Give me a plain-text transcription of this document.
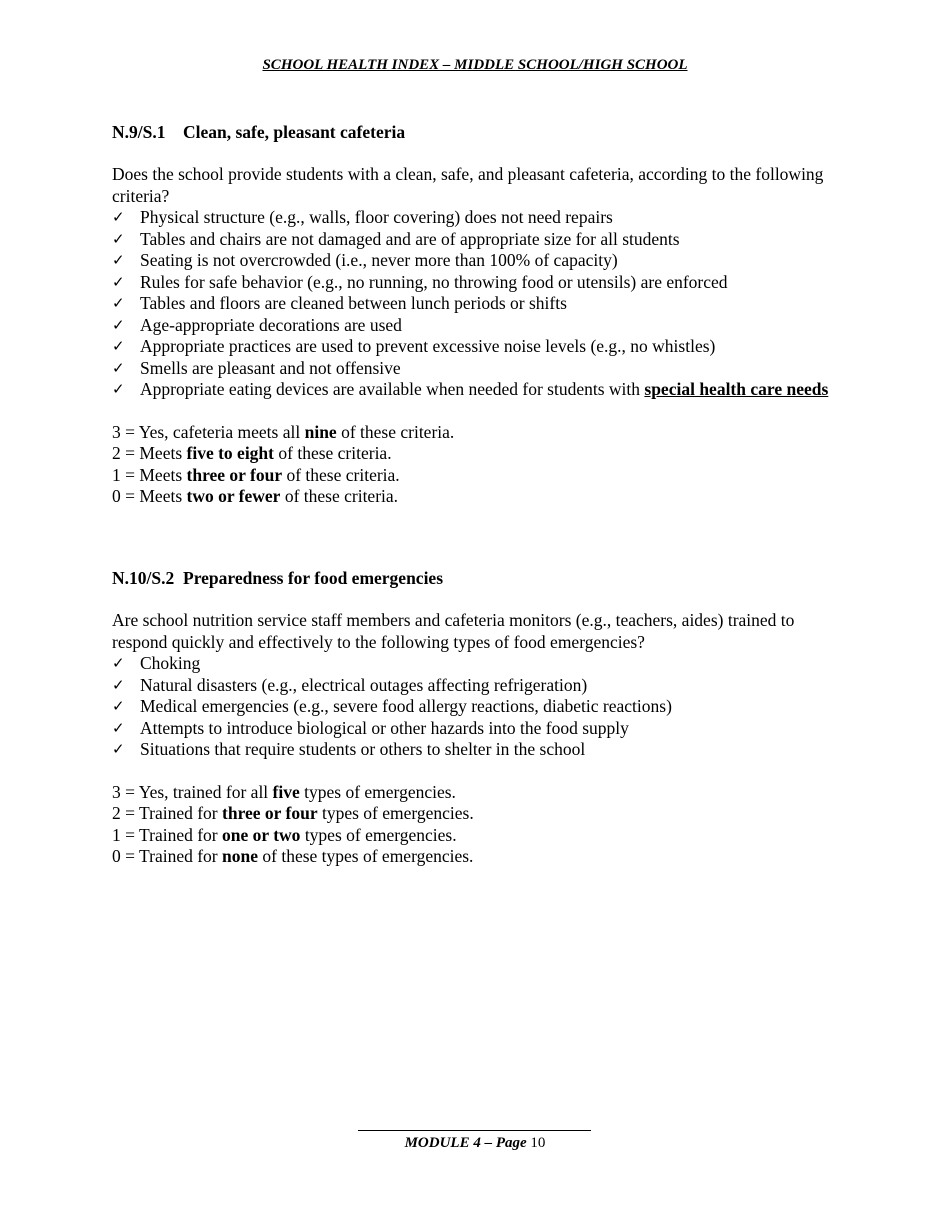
SCHOOL HEALTH INDEX – MIDDLE SCHOOL/HIGH SCHOOL

N.9/S.1 Clean, safe, pleasant cafeteria

Does the school provide students with a clean, safe, and pleasant cafeteria, according to the following criteria?

✓ Physical structure (e.g., walls, floor covering) does not need repairs
✓ Tables and chairs are not damaged and are of appropriate size for all students
✓ Seating is not overcrowded (i.e., never more than 100% of capacity)
✓ Rules for safe behavior (e.g., no running, no throwing food or utensils) are enforced
✓ Tables and floors are cleaned between lunch periods or shifts
✓ Age-appropriate decorations are used
✓ Appropriate practices are used to prevent excessive noise levels (e.g., no whistles)
✓ Smells are pleasant and not offensive
✓ Appropriate eating devices are available when needed for students with special health care needs
3 = Yes, cafeteria meets all nine of these criteria.
2 = Meets five to eight of these criteria.
1 = Meets three or four of these criteria.
0 = Meets two or fewer of these criteria.

N.10/S.2 Preparedness for food emergencies

Are school nutrition service staff members and cafeteria monitors (e.g., teachers, aides) trained to respond quickly and effectively to the following types of food emergencies?

✓ Choking
✓ Natural disasters (e.g., electrical outages affecting refrigeration)
✓ Medical emergencies (e.g., severe food allergy reactions, diabetic reactions)
✓ Attempts to introduce biological or other hazards into the food supply
✓ Situations that require students or others to shelter in the school
3 = Yes, trained for all five types of emergencies.
2 = Trained for three or four types of emergencies.
1 = Trained for one or two types of emergencies.
0 = Trained for none of these types of emergencies.
MODULE 4 – Page 10
